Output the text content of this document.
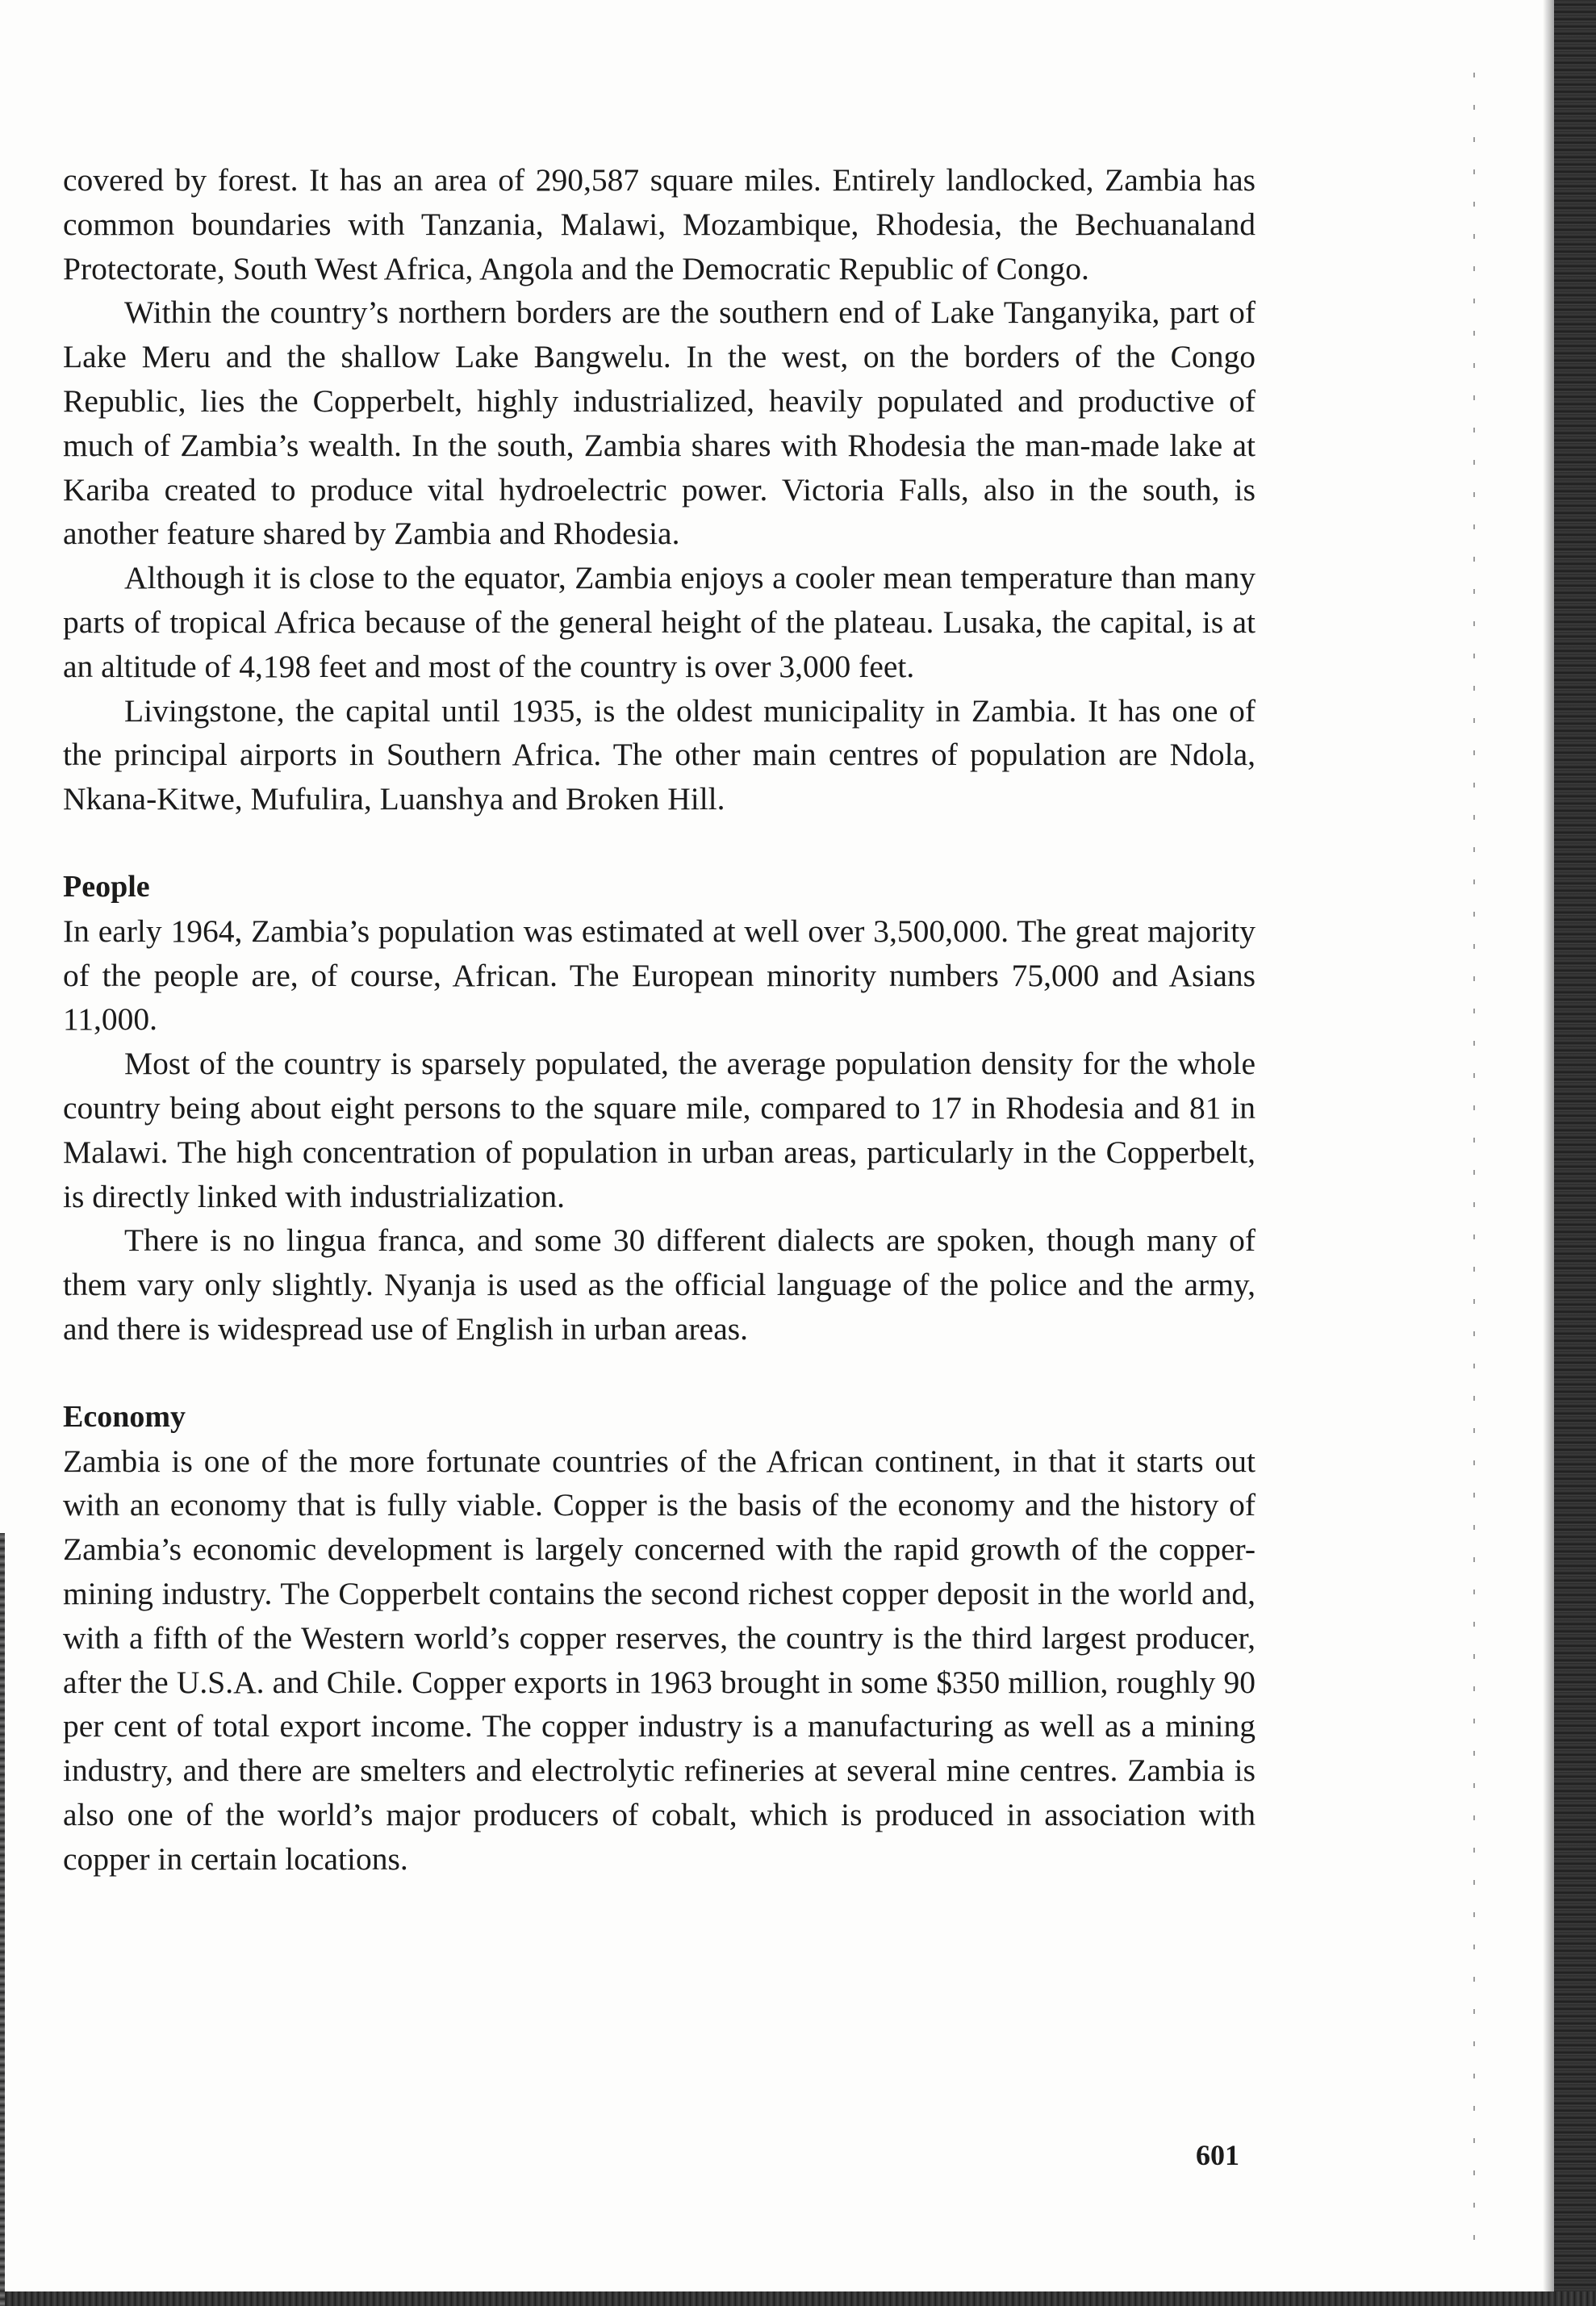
covered by forest. It has an area of 290,587 square miles. Entirely landlocked, Zambia has common boundaries with Tanzania, Malawi, Mozambique, Rhodesia, the Bechuanaland Protectorate, South West Africa, Angola and the Democratic Republic of Congo.

Within the country’s northern borders are the southern end of Lake Tanganyika, part of Lake Meru and the shallow Lake Bangwelu. In the west, on the borders of the Congo Republic, lies the Copperbelt, highly industrialized, heavily populated and productive of much of Zambia’s wealth. In the south, Zambia shares with Rhodesia the man-made lake at Kariba created to produce vital hydroelectric power. Victoria Falls, also in the south, is another feature shared by Zambia and Rhodesia.

Although it is close to the equator, Zambia enjoys a cooler mean temperature than many parts of tropical Africa because of the general height of the plateau. Lusaka, the capital, is at an altitude of 4,198 feet and most of the country is over 3,000 feet.

Livingstone, the capital until 1935, is the oldest municipality in Zambia. It has one of the principal airports in Southern Africa. The other main centres of population are Ndola, Nkana-Kitwe, Mufulira, Luanshya and Broken Hill.

People

In early 1964, Zambia’s population was estimated at well over 3,500,000. The great majority of the people are, of course, African. The European minority numbers 75,000 and Asians 11,000.

Most of the country is sparsely populated, the average population density for the whole country being about eight persons to the square mile, compared to 17 in Rhodesia and 81 in Malawi. The high concentration of population in urban areas, particularly in the Copperbelt, is directly linked with industrialization.

There is no lingua franca, and some 30 different dialects are spoken, though many of them vary only slightly. Nyanja is used as the official language of the police and the army, and there is widespread use of English in urban areas.

Economy

Zambia is one of the more fortunate countries of the African continent, in that it starts out with an economy that is fully viable. Copper is the basis of the economy and the history of Zambia’s economic development is largely concerned with the rapid growth of the copper-mining industry. The Copperbelt contains the second richest copper deposit in the world and, with a fifth of the Western world’s copper reserves, the country is the third largest producer, after the U.S.A. and Chile. Copper exports in 1963 brought in some $350 million, roughly 90 per cent of total export income. The copper industry is a manufacturing as well as a mining industry, and there are smelters and electrolytic refineries at several mine centres. Zambia is also one of the world’s major producers of cobalt, which is produced in association with copper in certain locations.

601
